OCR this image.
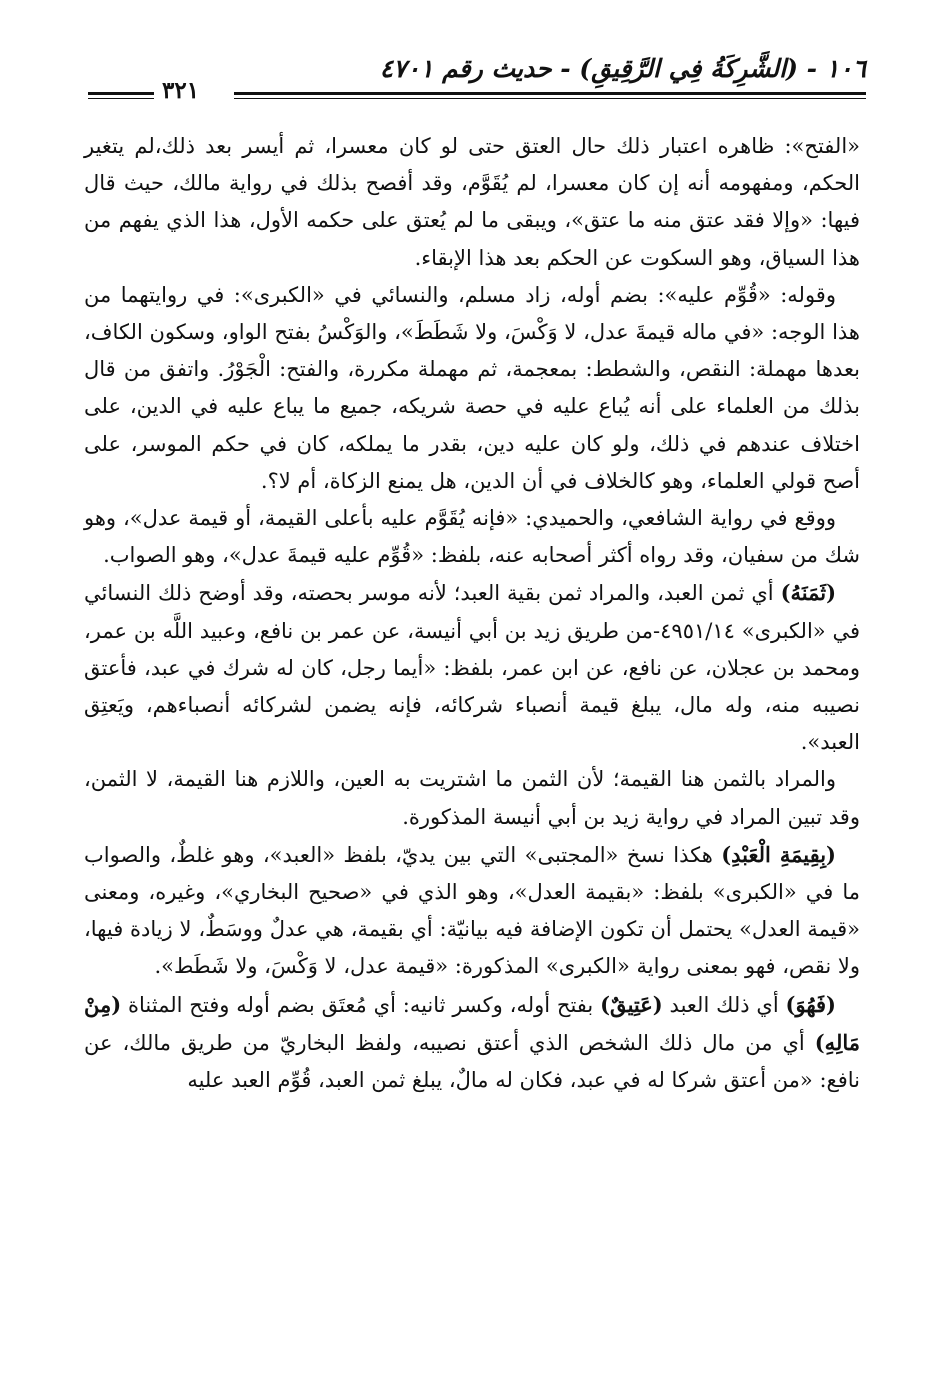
١٠٦ - (الشَّرِكَةُ فِي الرَّقِيقِ) - حديث رقم ٤٧٠١
٣٢١

«الفتح»: ظاهره اعتبار ذلك حال العتق حتى لو كان معسرا، ثم أيسر بعد ذلك،لم يتغير الحكم، ومفهومه أنه إن كان معسرا، لم يُقَوَّم، وقد أفصح بذلك في رواية مالك، حيث قال فيها: «وإلا فقد عتق منه ما عتق»، ويبقى ما لم يُعتق على حكمه الأول، هذا الذي يفهم من هذا السياق، وهو السكوت عن الحكم بعد هذا الإبقاء.

وقوله: «قُوِّم عليه»: بضم أوله، زاد مسلم، والنسائي في «الكبرى»: في روايتهما من هذا الوجه: «في ماله قيمةَ عدل، لا وَكْسَ، ولا شَطَطَ»، والوَكْسُ بفتح الواو، وسكون الكاف، بعدها مهملة: النقص، والشطط: بمعجمة، ثم مهملة مكررة، والفتح: الْجَوْرُ. واتفق من قال بذلك من العلماء على أنه يُباع عليه في حصة شريكه، جميع ما يباع عليه في الدين، على اختلاف عندهم في ذلك، ولو كان عليه دين، بقدر ما يملكه، كان في حكم الموسر، على أصح قولي العلماء، وهو كالخلاف في أن الدين، هل يمنع الزكاة، أم لا؟.

ووقع في رواية الشافعي، والحميدي: «فإنه يُقَوَّم عليه بأعلى القيمة، أو قيمة عدل»، وهو شك من سفيان، وقد رواه أكثر أصحابه عنه، بلفظ: «قُوِّم عليه قيمةَ عدل»، وهو الصواب.

(ثَمَنَهُ) أي ثمن العبد، والمراد ثمن بقية العبد؛ لأنه موسر بحصته، وقد أوضح ذلك النسائي في «الكبرى» ٤٩٥١/١٤-من طريق زيد بن أبي أنيسة، عن عمر بن نافع، وعبيد اللَّه بن عمر، ومحمد بن عجلان، عن نافع، عن ابن عمر، بلفظ: «أيما رجل، كان له شرك في عبد، فأعتق نصيبه منه، وله مال، يبلغ قيمة أنصباء شركائه، فإنه يضمن لشركائه أنصباءهم، ويَعتِق العبد».

والمراد بالثمن هنا القيمة؛ لأن الثمن ما اشتريت به العين، واللازم هنا القيمة، لا الثمن، وقد تبين المراد في رواية زيد بن أبي أنيسة المذكورة.

(بِقِيمَةِ الْعَبْدِ) هكذا نسخ «المجتبى» التي بين يديّ، بلفظ «العبد»، وهو غلطٌ، والصواب ما في «الكبرى» بلفظ: «بقيمة العدل»، وهو الذي في «صحيح البخاري»، وغيره، ومعنى «قيمة العدل» يحتمل أن تكون الإضافة فيه بيانيّة: أي بقيمة، هي عدلٌ ووسَطٌ، لا زيادة فيها، ولا نقص، فهو بمعنى رواية «الكبرى» المذكورة: «قيمة عدل، لا وَكْسَ، ولا شَطَط».

(فَهُوَ) أي ذلك العبد (عَتِيقٌ) بفتح أوله، وكسر ثانيه: أي مُعتَق بضم أوله وفتح المثناة (مِنْ مَالِهِ) أي من مال ذلك الشخص الذي أعتق نصيبه، ولفظ البخاريّ من طريق مالك، عن نافع: «من أعتق شركا له في عبد، فكان له مالٌ، يبلغ ثمن العبد، قُوِّم العبد عليه
